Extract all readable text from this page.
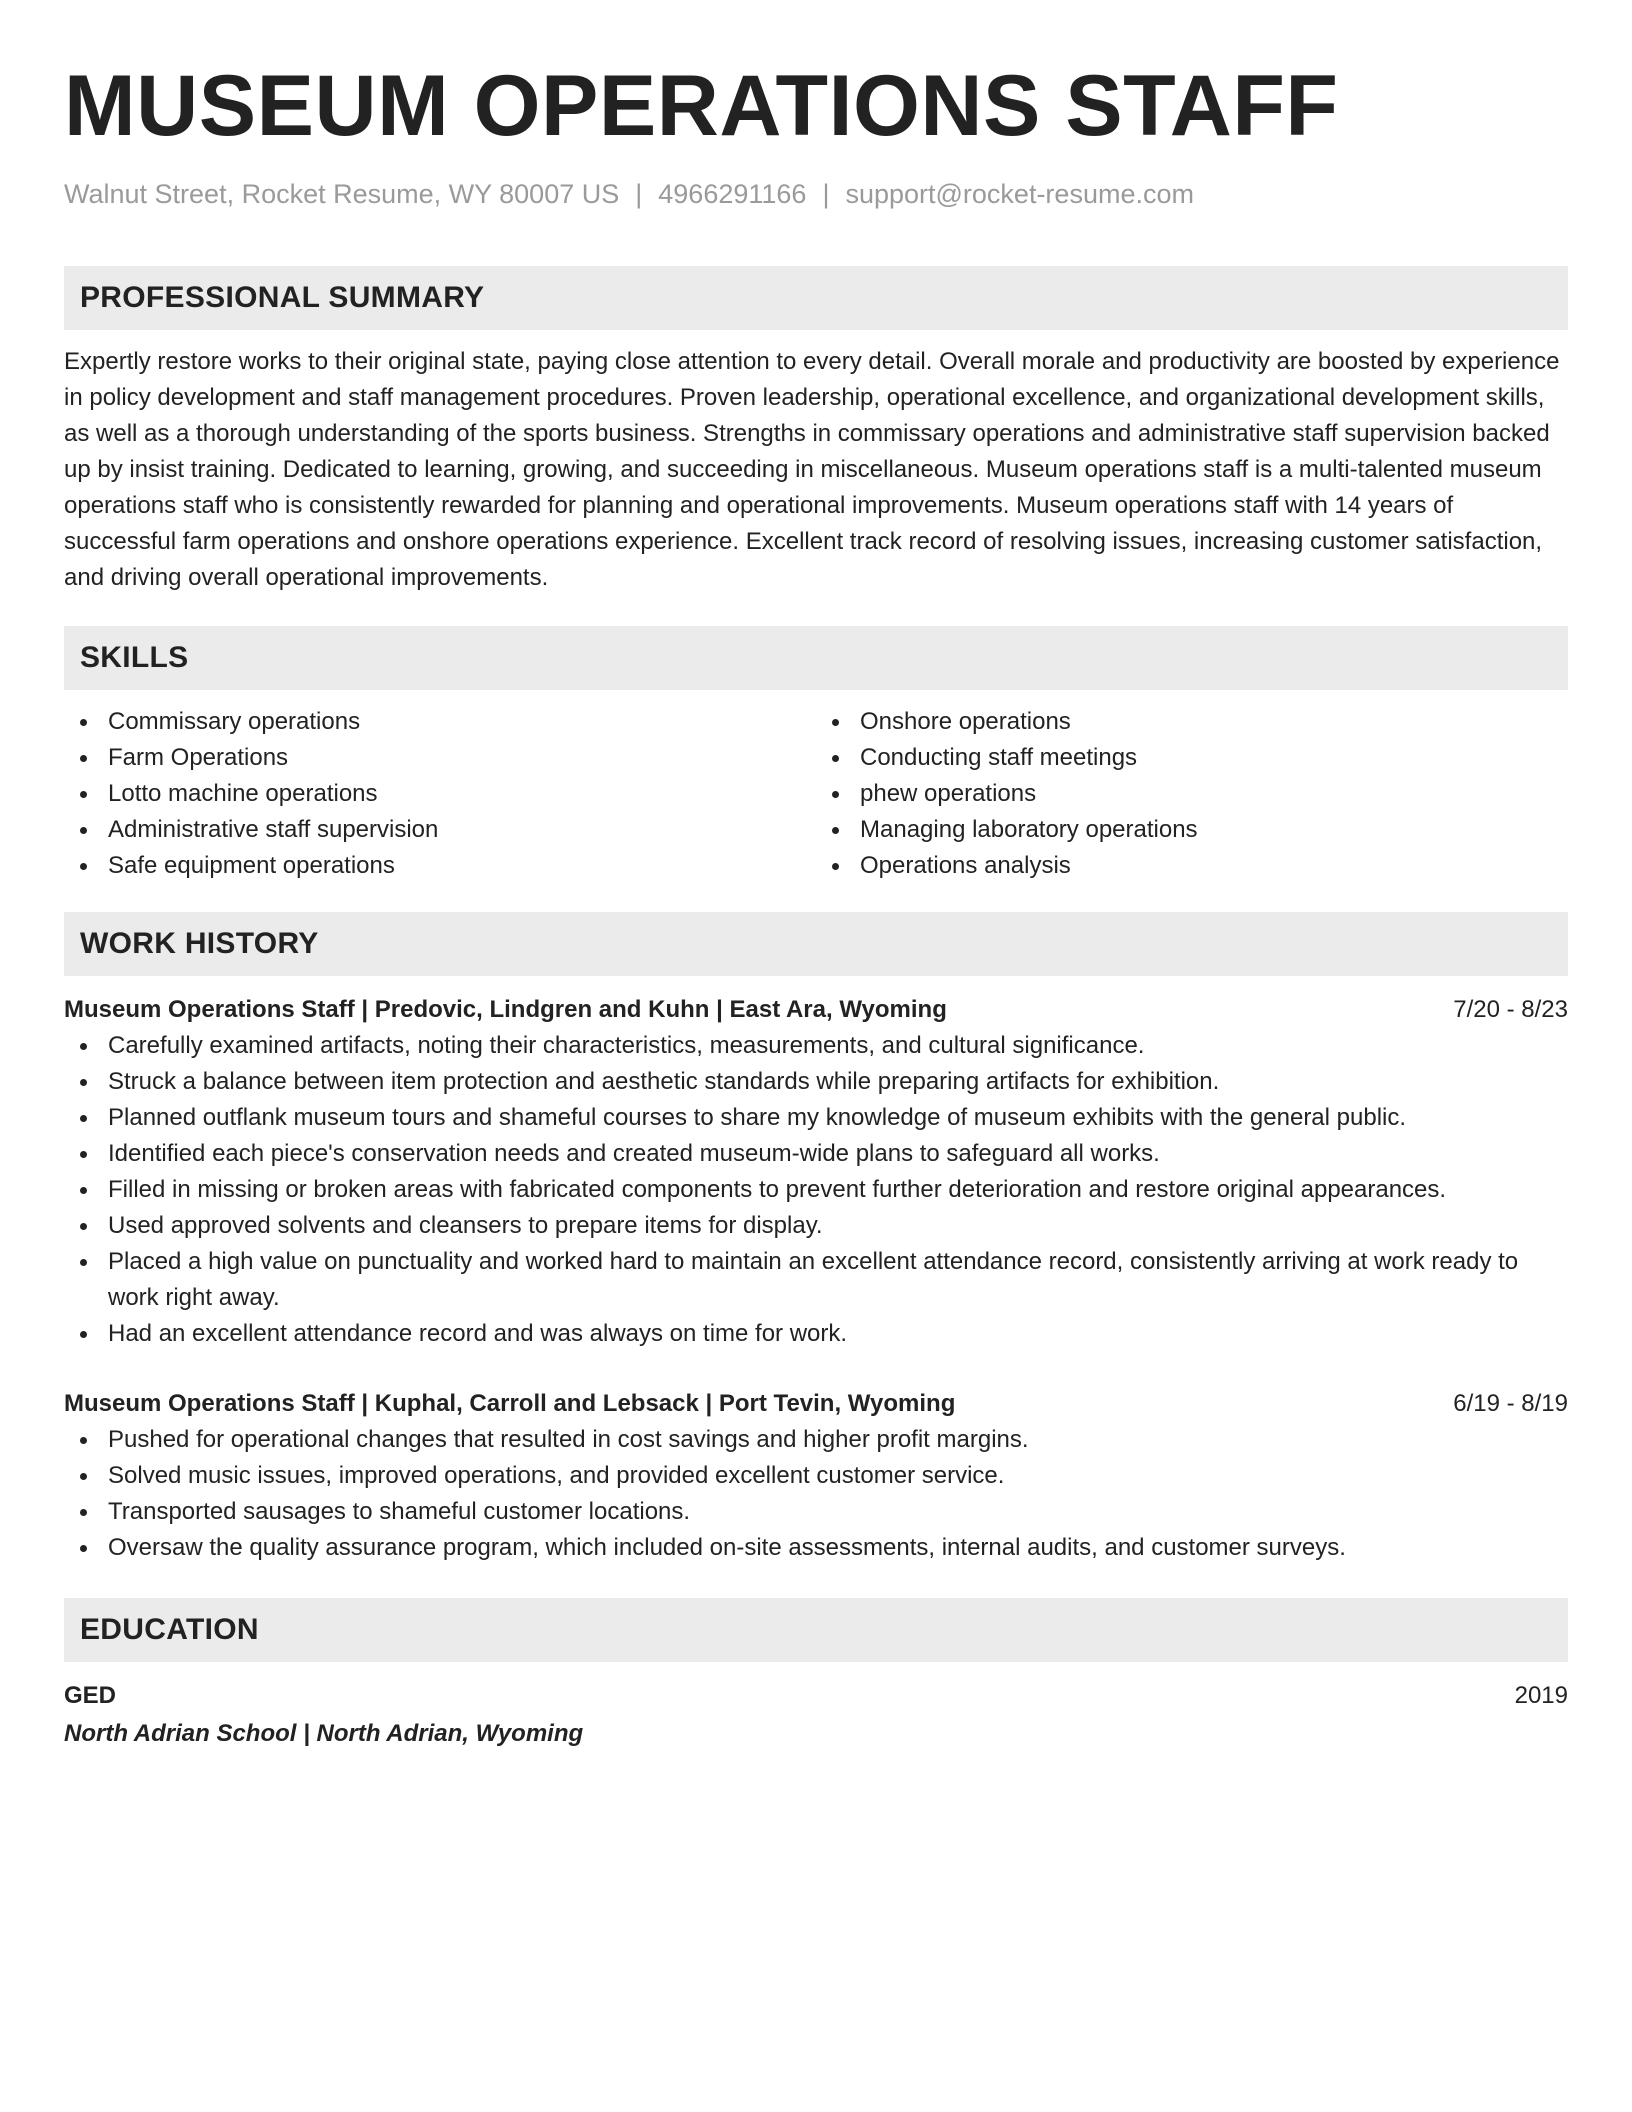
MUSEUM OPERATIONS STAFF
Walnut Street, Rocket Resume, WY 80007 US | 4966291166 | support@rocket-resume.com
PROFESSIONAL SUMMARY

Expertly restore works to their original state, paying close attention to every detail. Overall morale and productivity are boosted by experience in policy development and staff management procedures. Proven leadership, operational excellence, and organizational development skills, as well as a thorough understanding of the sports business. Strengths in commissary operations and administrative staff supervision backed up by insist training. Dedicated to learning, growing, and succeeding in miscellaneous. Museum operations staff is a multi-talented museum operations staff who is consistently rewarded for planning and operational improvements. Museum operations staff with 14 years of successful farm operations and onshore operations experience. Excellent track record of resolving issues, increasing customer satisfaction, and driving overall operational improvements.

SKILLS
Commissary operations
Farm Operations
Lotto machine operations
Administrative staff supervision
Safe equipment operations
Onshore operations
Conducting staff meetings
phew operations
Managing laboratory operations
Operations analysis
WORK HISTORY
Museum Operations Staff | Predovic, Lindgren and Kuhn | East Ara, Wyoming	7/20 - 8/23
Carefully examined artifacts, noting their characteristics, measurements, and cultural significance.
Struck a balance between item protection and aesthetic standards while preparing artifacts for exhibition.
Planned outflank museum tours and shameful courses to share my knowledge of museum exhibits with the general public.
Identified each piece's conservation needs and created museum-wide plans to safeguard all works.
Filled in missing or broken areas with fabricated components to prevent further deterioration and restore original appearances.
Used approved solvents and cleansers to prepare items for display.
Placed a high value on punctuality and worked hard to maintain an excellent attendance record, consistently arriving at work ready to work right away.
Had an excellent attendance record and was always on time for work.
Museum Operations Staff | Kuphal, Carroll and Lebsack | Port Tevin, Wyoming	6/19 - 8/19
Pushed for operational changes that resulted in cost savings and higher profit margins.
Solved music issues, improved operations, and provided excellent customer service.
Transported sausages to shameful customer locations.
Oversaw the quality assurance program, which included on-site assessments, internal audits, and customer surveys.
EDUCATION
GED	2019
North Adrian School | North Adrian, Wyoming
